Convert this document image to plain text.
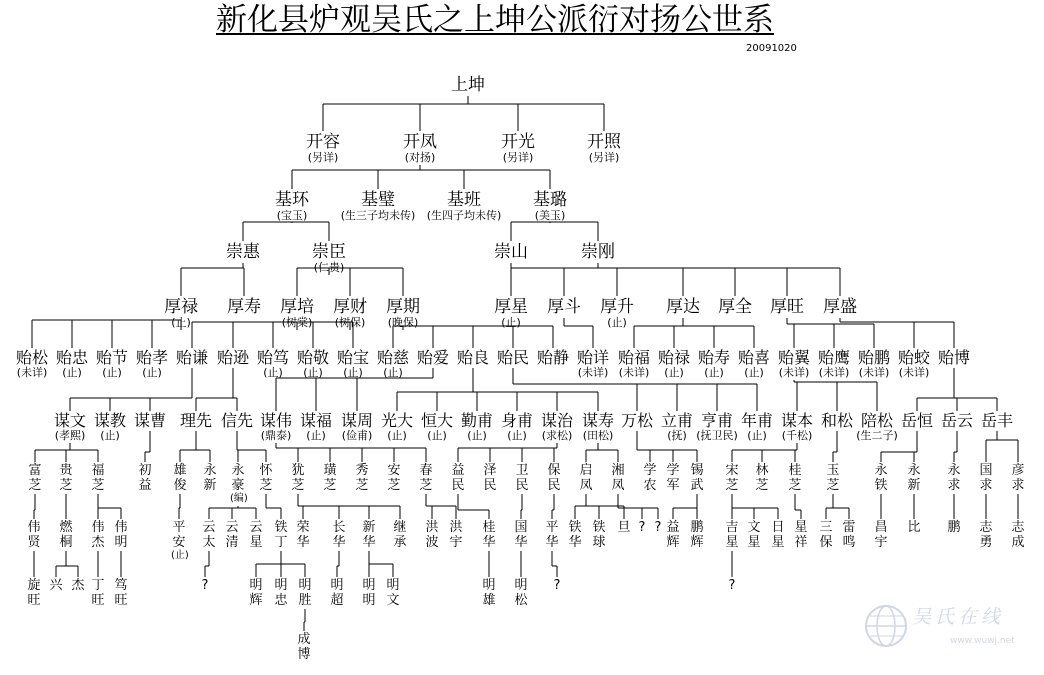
新化县炉观吴氏之上坤公派衍对扬公世系
20091020
上坤
开容
(另详)
开凤
(对扬)
开光
(另详)
开照
(另详)
基环
(宝玉)
基璧
(生三子均未传)
基班
(生四子均未传)
基璐
(美玉)
崇惠	崇臣
(仁贵)
崇山	崇刚
厚禄
(止)
厚寿	厚培
(树棠)
厚财
(树保)
厚期
(晚保)
厚星
(止)
厚斗	厚升
(止)
厚达	厚全	厚旺	厚盛
贻松
(未详)
贻忠
(止)
贻节
(止)
贻孝
(止)
贻谦 贻逊 贻笃
(止)
贻敬
(止)
贻宝
(止)
贻慈
(止)
贻爱 贻良 贻民 贻静 贻详
(未详)
贻福
(未详)
贻禄
(止)
贻寿
(止)
贻喜
(止)
贻翼
(未详)
贻鹰
(未详)
贻鹏
(未详)
贻蛟
(未详)
贻博
谋文
(孝熙)
谋教
(止)
谋曹 理先 信先 谋伟
(鼎泰)
谋福
(止)
谋周
(俭甫)
光大
(止)
恒大
(止)
勤甫
(止)
身甫
(止)
谋治
(求松)
谋寿
(田松)
万松 立甫
(抚)
亨甫
(抚卫民)
年甫
(止)
谋本
(千松)
和松 陪松
(生二子)
岳恒 岳云 岳丰
富芝
贵芝
福芝
初益
雄俊
永新
永豪
(编)
怀芝
犹芝
璜芝
秀芝
安芝
春芝
益民
泽民
卫民
保民
启凤
湘凤
学农
学军
锡武
宋芝
林芝
桂芝
玉芝
永铁
永新
永求
国求
彦求
伟贤
燃桐
伟杰
伟明
平安
(止)
云太
云清
云星
铁丁
荣华
长华
新华
继承
洪波
洪宇
桂华
国华
平华
铁华
铁球
旦 ? ? 益辉
鹏辉
吉星
文星
日星
星祥
三保
雷鸣
昌宇
比 鹏 志勇
志成
旋旺
兴 杰 丁旺
笃旺
?	明辉
明忠
明胜
明超
明明
明文
明雄
明松
?	?
成博
吴氏在线
www.wuwj.net
